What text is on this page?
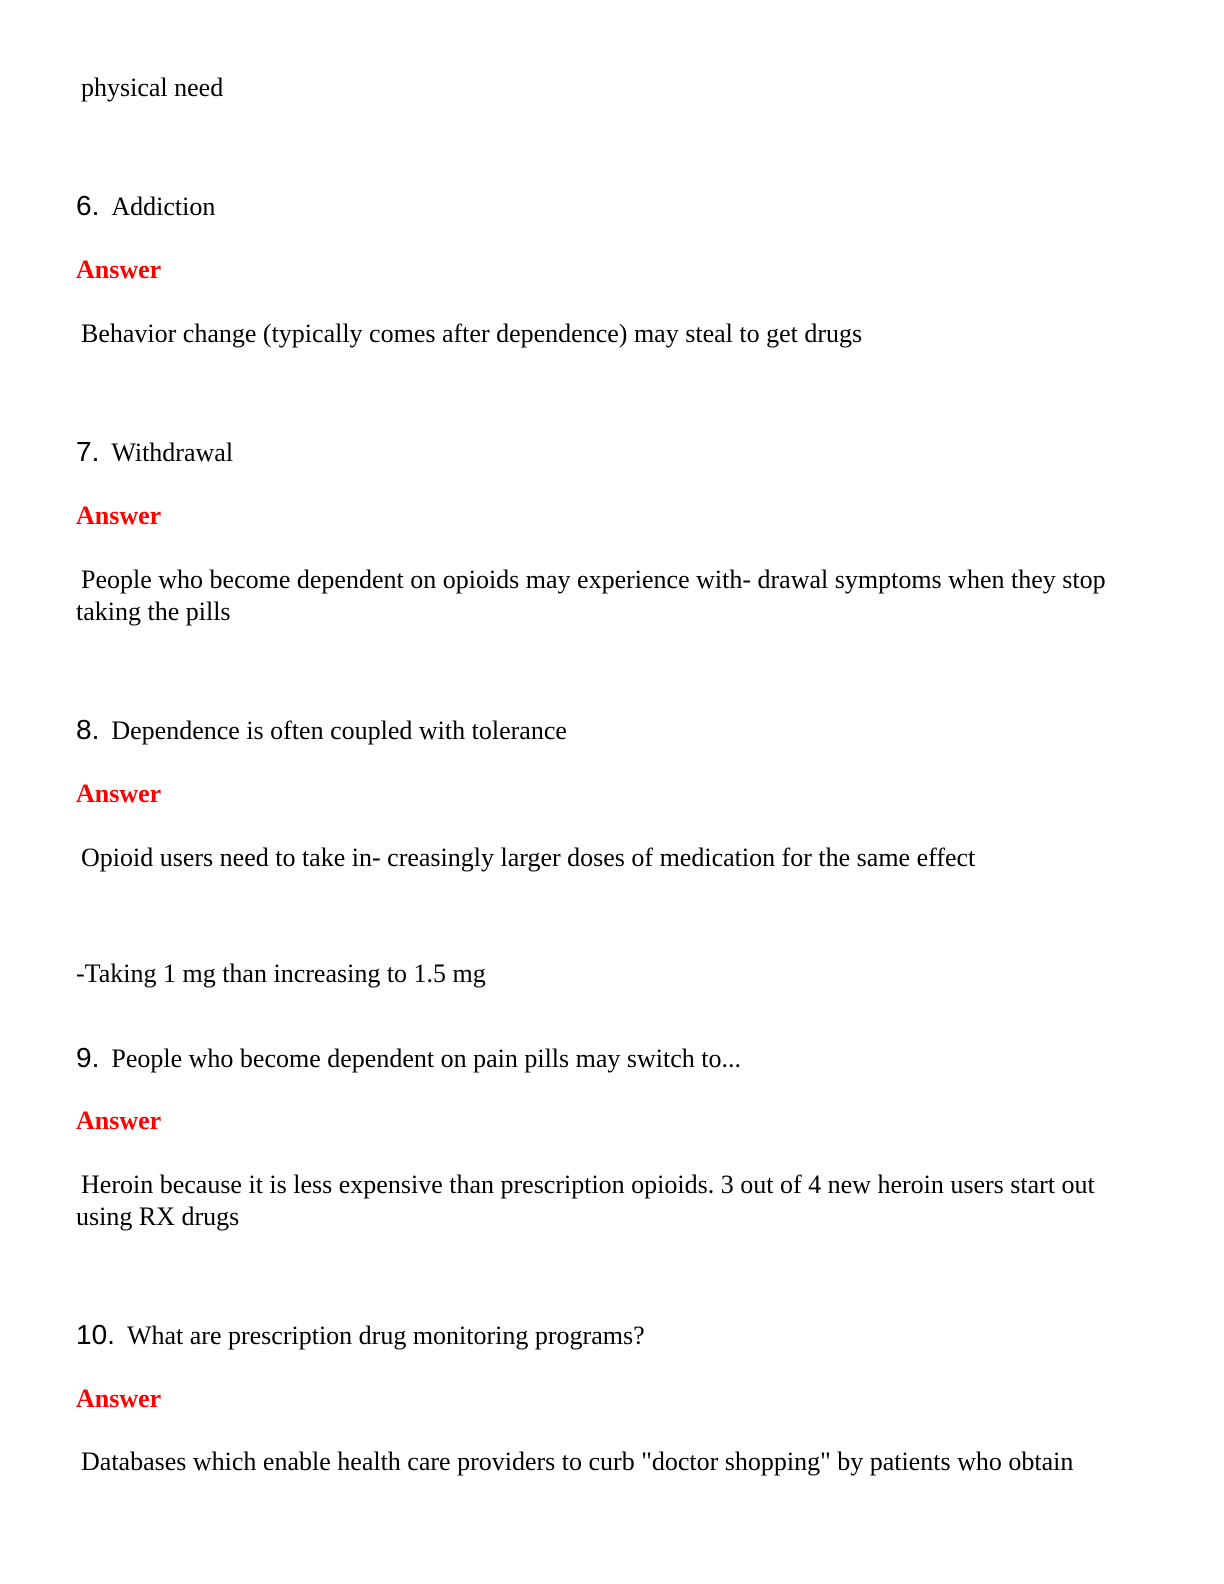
physical need
6. Addiction
Answer
Behavior change (typically comes after dependence) may steal to get drugs
7. Withdrawal
Answer
People who become dependent on opioids may experience with- drawal symptoms when they stop taking the pills
8. Dependence is often coupled with tolerance
Answer
Opioid users need to take in- creasingly larger doses of medication for the same effect
-Taking 1 mg than increasing to 1.5 mg
9. People who become dependent on pain pills may switch to...
Answer
Heroin because it is less expensive than prescription opioids. 3 out of 4 new heroin users start out using RX drugs
10. What are prescription drug monitoring programs?
Answer
Databases which enable health care providers to curb "doctor shopping" by patients who obtain
